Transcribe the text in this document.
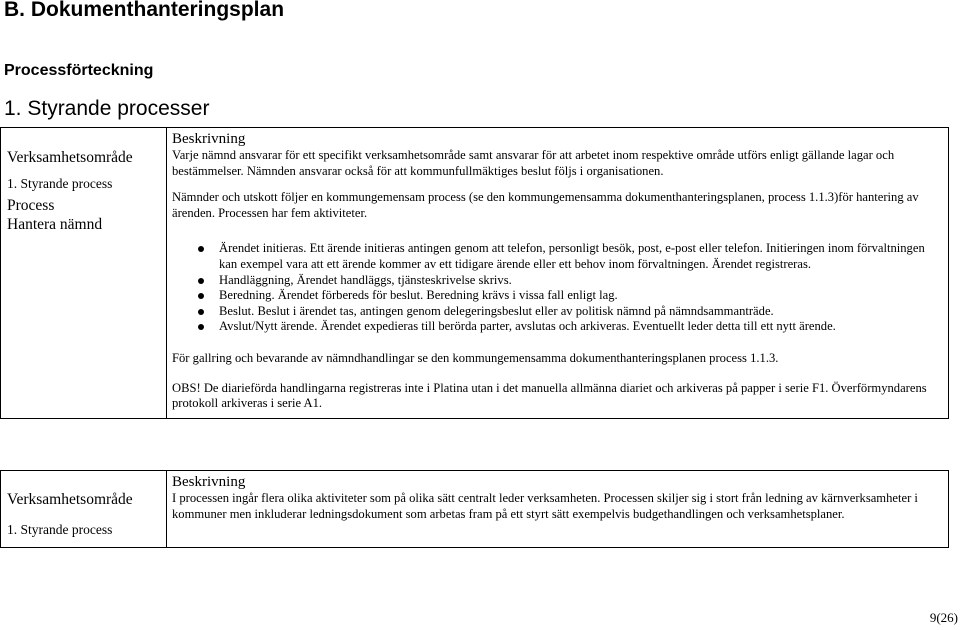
B. Dokumenthanteringsplan
Processförteckning
1. Styrande processer
Verksamhetsområde
1. Styrande process
Process
Hantera nämnd

Beskrivning

Varje nämnd ansvarar för ett specifikt verksamhetsområde samt ansvarar för att arbetet inom respektive område utförs enligt gällande lagar och bestämmelser. Nämnden ansvarar också för att kommunfullmäktiges beslut följs i organisationen.

Nämnder och utskott följer en kommungemensam process (se den kommungemensamma dokumenthanteringsplanen, process 1.1.3)för hantering av ärenden. Processen har fem aktiviteter.

Ärendet initieras. Ett ärende initieras antingen genom att telefon, personligt besök, post, e-post eller telefon. Initieringen inom förvaltningen kan exempel vara att ett ärende kommer av ett tidigare ärende eller ett behov inom förvaltningen. Ärendet registreras.
Handläggning, Ärendet handläggs, tjänsteskrivelse skrivs.
Beredning. Ärendet förbereds för beslut. Beredning krävs i vissa fall enligt lag.
Beslut. Beslut i ärendet tas, antingen genom delegeringsbeslut eller av politisk nämnd på nämndsammanträde.
Avslut/Nytt ärende. Ärendet expedieras till berörda parter, avslutas och arkiveras. Eventuellt leder detta till ett nytt ärende.

För gallring och bevarande av nämndhandlingar se den kommungemensamma dokumenthanteringsplanen process 1.1.3.

OBS! De diarieförda handlingarna registreras inte i Platina utan i det manuella allmänna diariet och arkiveras på papper i serie F1. Överförmyndarens protokoll arkiveras i serie A1.

Verksamhetsområde
1. Styrande process

Beskrivning

I processen ingår flera olika aktiviteter som på olika sätt centralt leder verksamheten. Processen skiljer sig i stort från ledning av kärnverksamheter i kommuner men inkluderar ledningsdokument som arbetas fram på ett styrt sätt exempelvis budgethandlingen och verksamhetsplaner.

9(26)
